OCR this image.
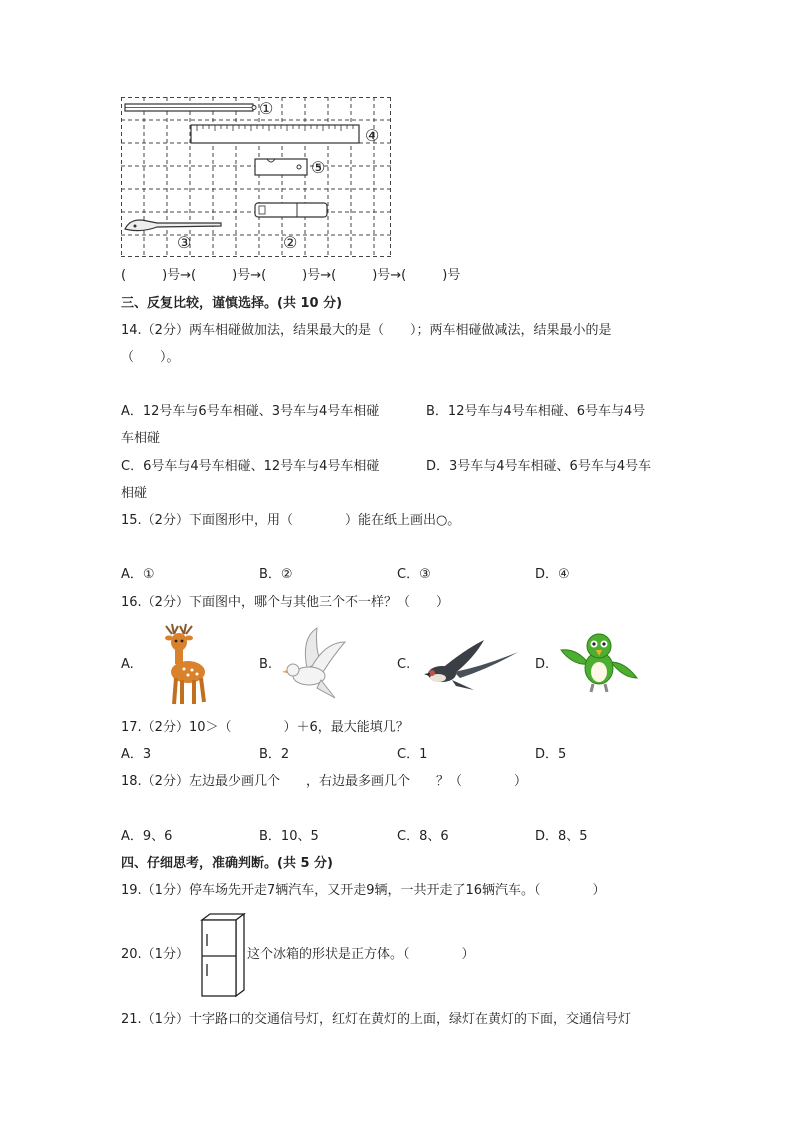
①
④
⑤
③	②
(	)号→(	)号→(	)号→(	)号→(	)号
三、反复比较，谨慎选择。(共 10 分)
14.（2分）两车相碰做加法，结果最大的是（　　）；两车相碰做减法，结果最小的是
（　　）。
A．12号车与6号车相碰、3号车与4号车相碰	B．12号车与4号车相碰、6号车与4号
车相碰
C．6号车与4号车相碰、12号车与4号车相碰	D．3号车与4号车相碰、6号车与4号车
相碰
15.（2分）下面图形中，用（　　　　）能在纸上画出○。
A．①	B．②	C．③	D．④
16.（2分）下面图中，哪个与其他三个不一样？（　　）
A.	B.	C.	D.
17.（2分）10＞（　　　　）＋6，最大能填几？
A．3	B．2	C．1	D．5
18.（2分）左边最少画几个　　，右边最多画几个　　？（　　　　）
A．9、6	B．10、5	C．8、6	D．8、5
四、仔细思考，准确判断。(共 5 分)
19.（1分）停车场先开走7辆汽车，又开走9辆，一共开走了16辆汽车。（　　　　）
20.（1分）	这个冰箱的形状是正方体。（　　　　）
21.（1分）十字路口的交通信号灯，红灯在黄灯的上面，绿灯在黄灯的下面，交通信号灯
